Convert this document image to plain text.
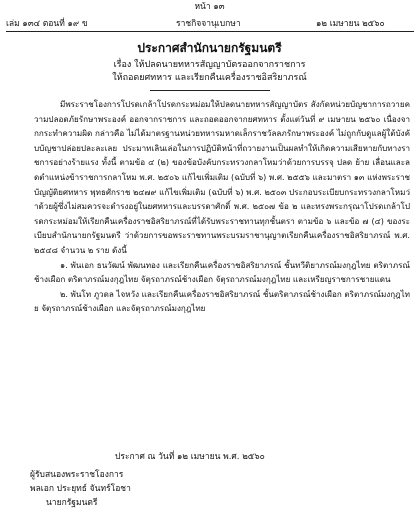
หน้า ๑๓
เล่ม ๑๓๔ ตอนที่ ๑๙ ข	ราชกิจจานุเบกษา	๑๒ เมษายน ๒๕๖๐
ประกาศสำนักนายกรัฐมนตรี
เรื่อง ให้ปลดนายทหารสัญญาบัตรออกจากราชการ
ให้ถอดยศทหาร และเรียกคืนเครื่องราชอิสริยาภรณ์

มีพระราชโองการโปรดเกล้าโปรดกระหม่อมให้ปลดนายทหารสัญญาบัตร สังกัดหน่วยบัญชาการถวายความปลอดภัยรักษาพระองค์ ออกจากราชการ และถอดออกจากยศทหาร ตั้งแต่วันที่ ๙ เมษายน ๒๕๖๐ เนื่องจากกระทำความผิด กล่าวคือ ไม่ได้มาตรฐานหน่วยทหารมหาดเล็กราชวัลลภรักษาพระองค์ ไม่ถูกกับดูแลผู้ใต้บังคับบัญชาปล่อยปละละเลย ประมาทเลินเล่อในการปฏิบัติหน้าที่ถวายงานเป็นผลทำให้เกิดความเสียหายกับทางราชการอย่างร้ายแรง ทั้งนี้ ตามข้อ ๔ (๒) ของข้อบังคับกระทรวงกลาโหมว่าด้วยการบรรจุ ปลด ย้าย เลื่อนและลดตำแหน่งข้าราชการกลาโหม พ.ศ. ๒๕๐๖ แก้ไขเพิ่มเติม (ฉบับที่ ๖) พ.ศ. ๒๕๕๖ และมาตรา ๑๓ แห่งพระราชบัญญัติยศทหาร พุทธศักราช ๒๔๗๙ แก้ไขเพิ่มเติม (ฉบับที่ ๖) พ.ศ. ๒๕๐๓ ประกอบระเบียบกระทรวงกลาโหมว่าด้วยผู้ซึ่งไม่สมควรจะดำรงอยู่ในยศทหารและบรรดาศักดิ์ พ.ศ. ๒๕๐๗ ข้อ ๒ และทรงพระกรุณาโปรดเกล้าโปรดกระหม่อมให้เรียกคืนเครื่องราชอิสริยาภรณ์ที่ได้รับพระราชทานทุกชั้นตรา ตามข้อ ๖ และข้อ ๗ (๔) ของระเบียบสำนักนายกรัฐมนตรี ว่าด้วยการขอพระราชทานพระบรมราชานุญาตเรียกคืนเครื่องราชอิสริยาภรณ์ พ.ศ. ๒๕๔๘ จำนวน ๒ ราย ดังนี้

๑. พันเอก ธนวัฒน์ พัฒนทอง และเรียกคืนเครื่องราชอิสริยาภรณ์ ชั้นทวีติยาภรณ์มงกุฎไทย ตริตาภรณ์ช้างเผือก ตริตาภรณ์มงกุฎไทย จัตุรถาภรณ์ช้างเผือก จัตุรถาภรณ์มงกุฎไทย และเหรียญราชการชายแดน

๒. พันโท ภูวดล ไจหวัง และเรียกคืนเครื่องราชอิสริยาภรณ์ ชั้นตริตาภรณ์ช้างเผือก ตริตาภรณ์มงกุฎไทย จัตุรถาภรณ์ช้างเผือก และจัตุรถาภรณ์มงกุฎไทย

ประกาศ ณ วันที่ ๑๒ เมษายน พ.ศ. ๒๕๖๐
ผู้รับสนองพระราชโองการ
พลเอก ประยุทธ์ จันทร์โอชา
นายกรัฐมนตรี
